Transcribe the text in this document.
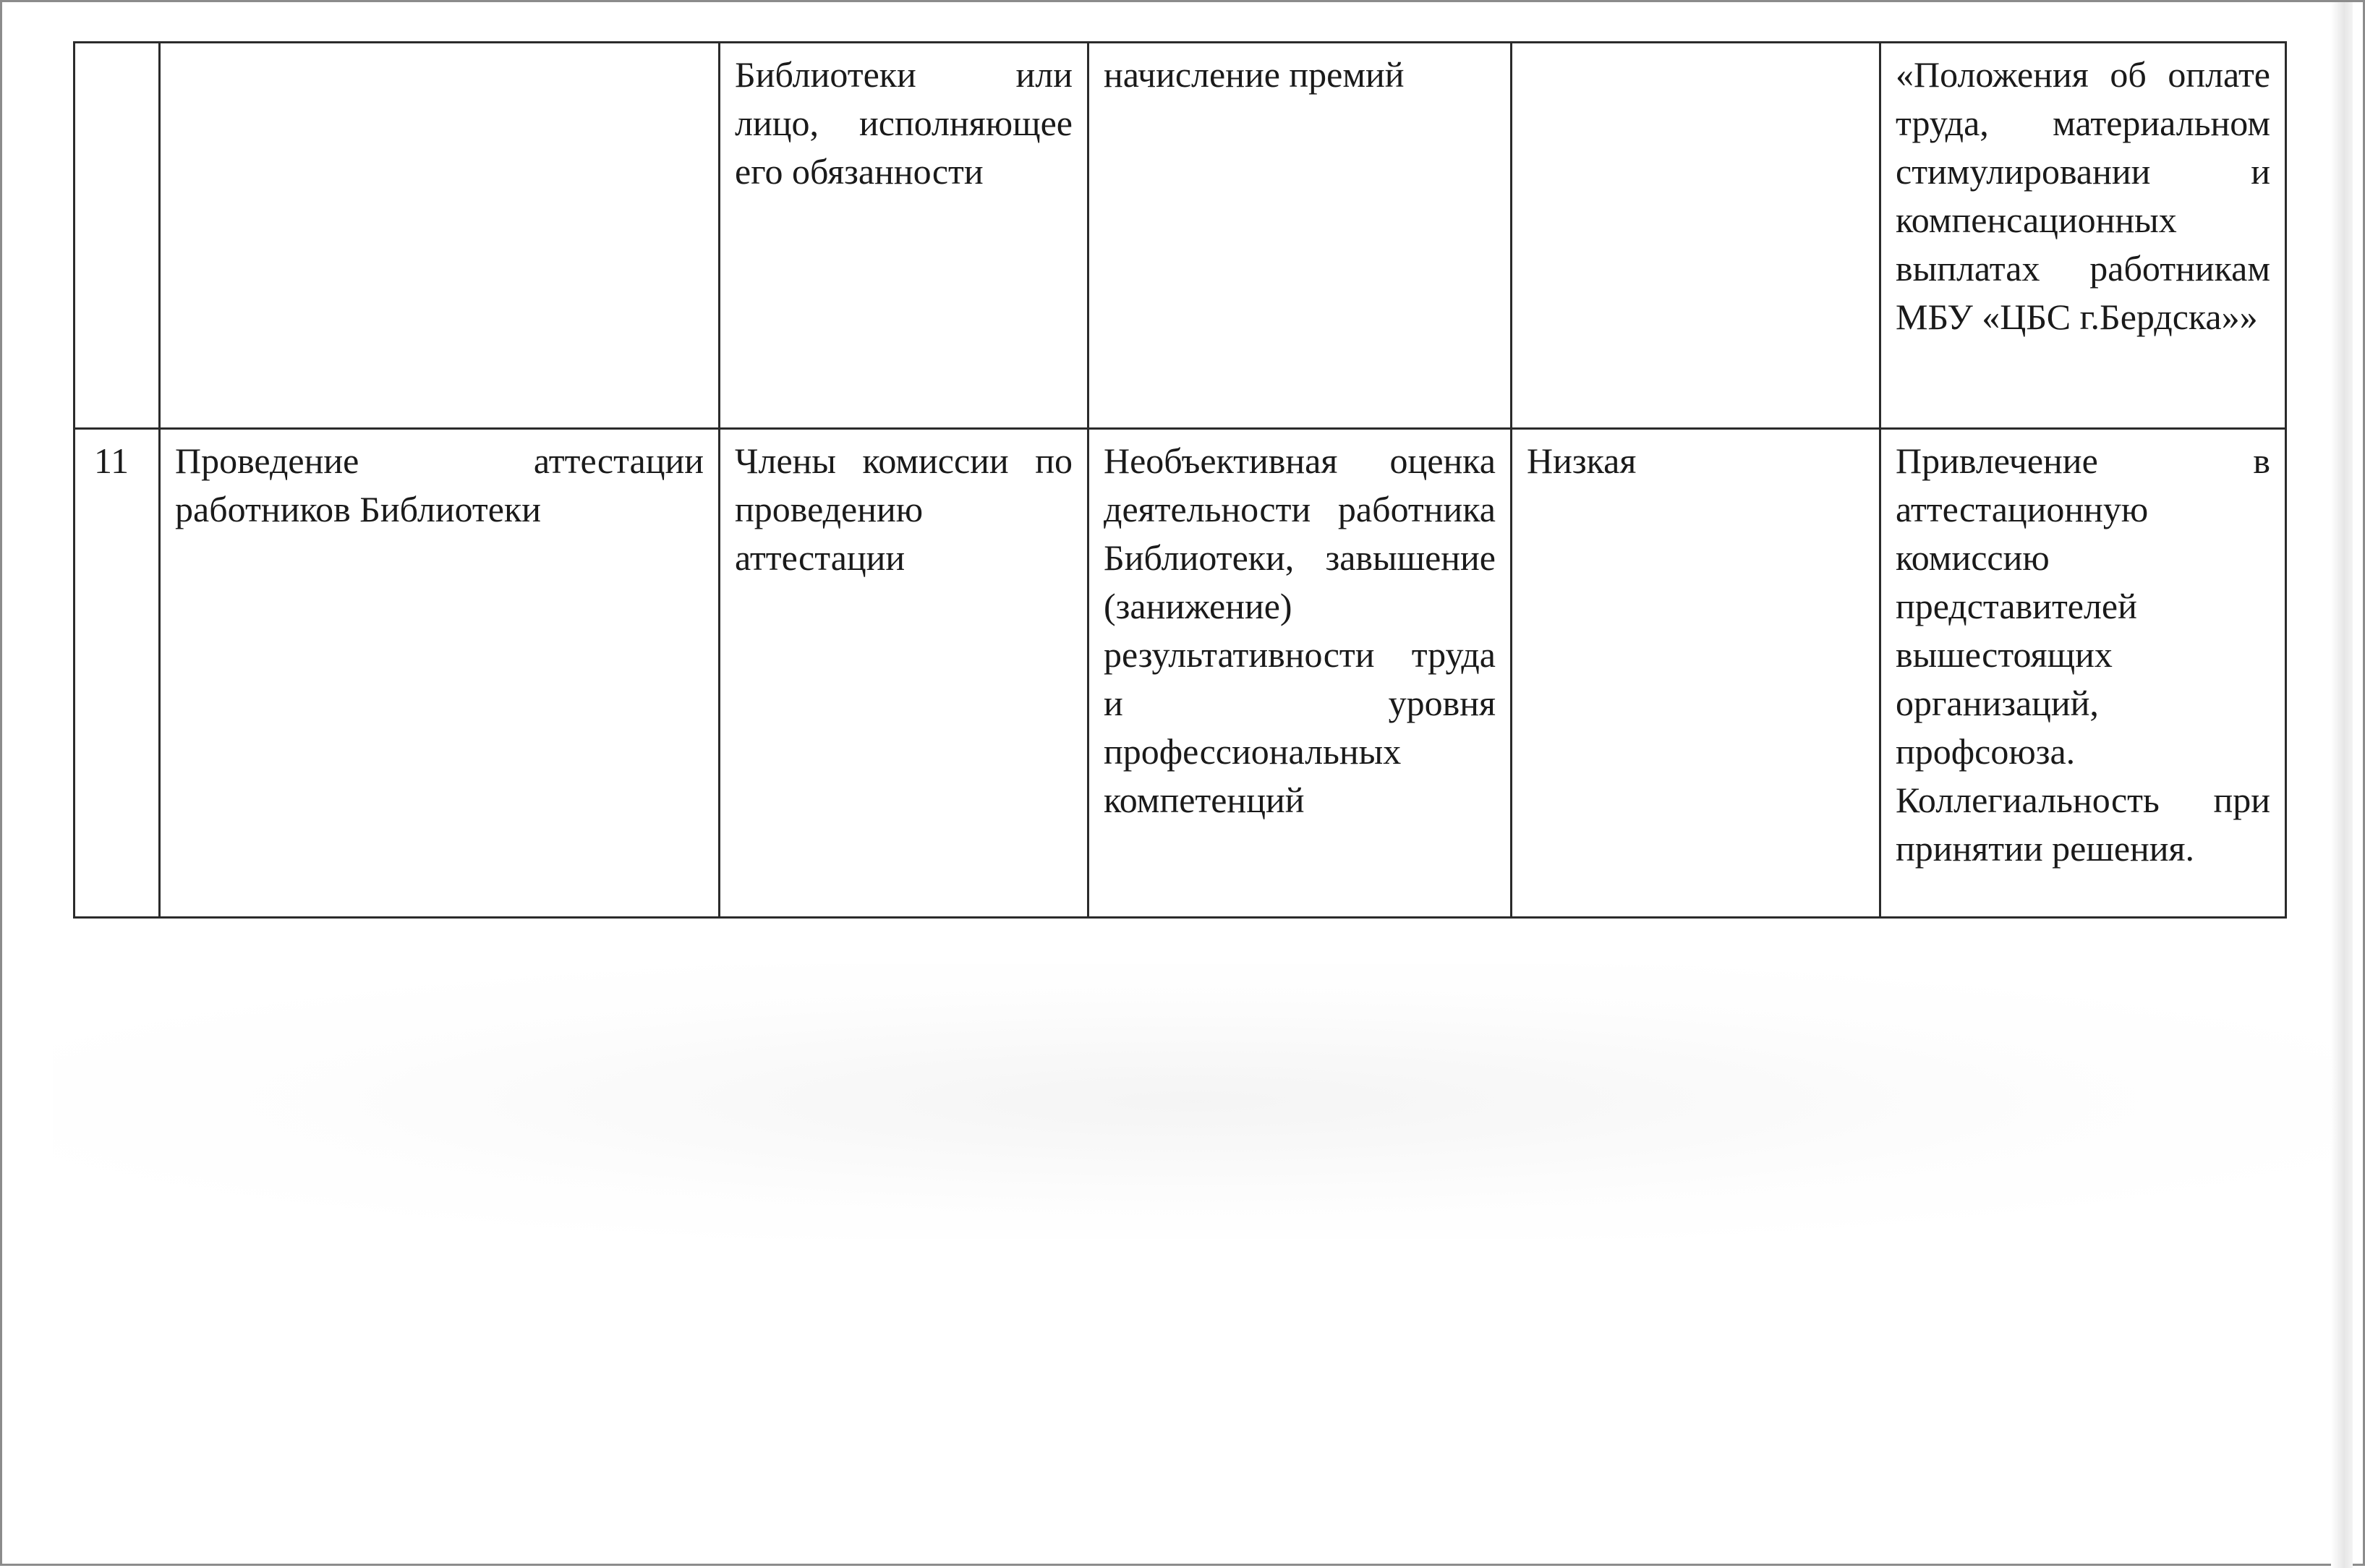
		Библиотеки или лицо, исполняющее его обязанности	начисление премий		«Положения об оплате труда, материальном стимулировании и компенсационных выплатах работникам МБУ «ЦБС г.Бердска»»
11	Проведение аттестации работников Библиотеки	Члены комиссии по проведению аттестации	Необъективная оценка деятельности работника Библиотеки, завышение (занижение) результативности труда и уровня профессиональных компетенций	Низкая	Привлечение в аттестационную комиссию представителей вышестоящих организаций, профсоюза. Коллегиальность при принятии решения.
